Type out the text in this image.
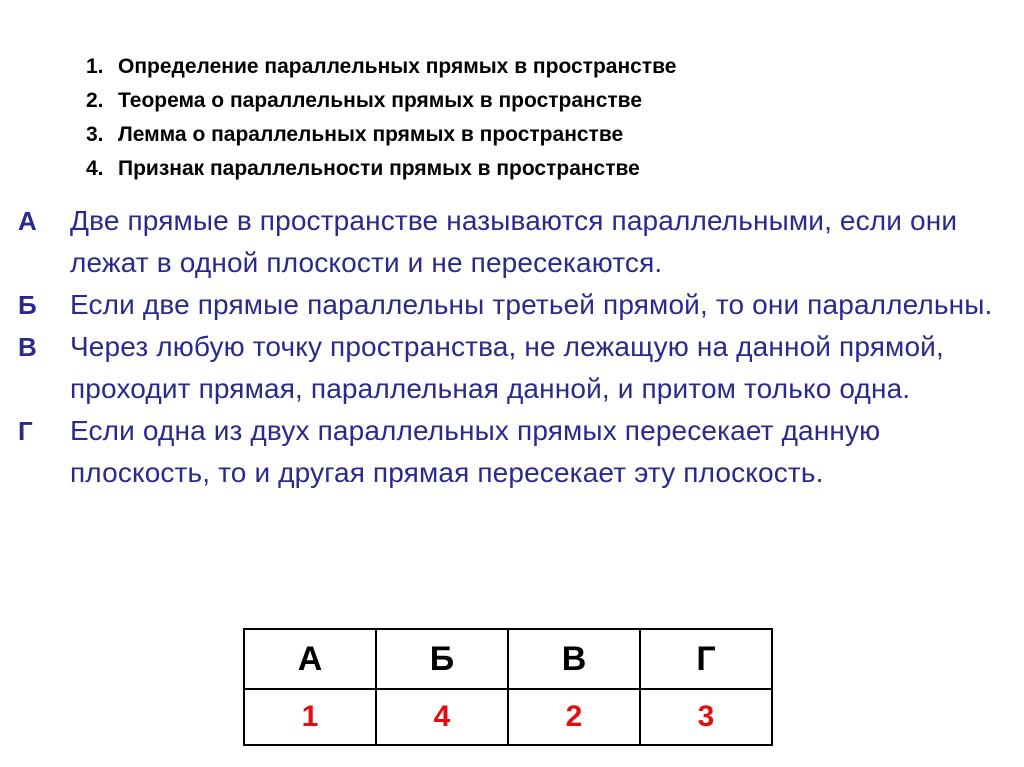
1. Определение параллельных прямых в пространстве
2. Теорема о параллельных прямых в пространстве
3. Лемма о параллельных прямых в пространстве
4. Признак параллельности прямых в пространстве
А	Две прямые в пространстве называются параллельными, если они лежат в одной плоскости и не пересекаются.
Б	Если две прямые параллельны третьей прямой, то они параллельны.
В	Через любую точку пространства, не лежащую на данной прямой, проходит прямая, параллельная данной, и притом только одна.
Г	Если одна из двух параллельных прямых пересекает данную плоскость, то и другая прямая пересекает эту плоскость.
А	Б	В	Г
1	4	2	3
